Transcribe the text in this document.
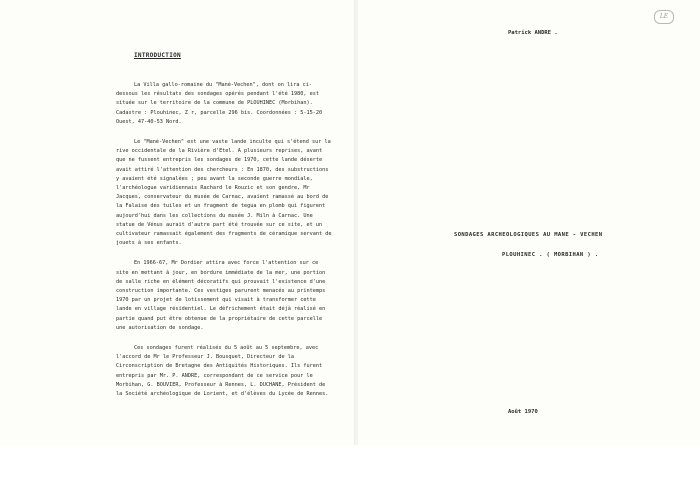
INTRODUCTION

La Villa gallo-romaine du "Mané-Vechen", dont on lira ci-dessous les résultats des sondages opérés pendant l'été 1980, est située sur le territoire de la commune de PLOUHINEC (Morbihan). Cadastre : Plouhinec, Z r, parcelle 296 bis. Coordonnées : 5-15-20 Ouest, 47-40-53 Nord.

Le "Mané-Vechen" est une vaste lande incultе qui s'étend sur la rive occidentale de la Rivière d'Etel. A plusieurs reprises, avant que ne fussent entrepris les sondages de 1970, cette lande déserte avait attiré l'attention des chercheurs : En 1870, des substructions y avaient été signalées ; peu avant la seconde guerre mondiale, l'archéologue varidiennais Rachard le Rouzic et son gendre, Mr Jacques, conservateur du musée de Carnac, avaient ramassé au bord de la Falaise des tuiles et un fragment de tegua en plomb qui figurent aujourd'hui dans les collections du musée J. Miln à Carnac. Une statue de Vénus aurait d'autre part été trouvée sur ce site, et un cultivateur ramassait également des fragments de céramique servant de jouets à ses enfants.

En 1966-67, Mr Dordier attira avec force l'attention sur ce site en mettant à jour, en bordure immédiate de la mer, une portion de salle riche en élément décoratifs qui prouvait l'existence d'une construction importante. Ces vestiges parurent menacés au printemps 1970 par un projet de lotissement qui visait à transformer cette lande en village résidentiel. Le défrichement était déjà réalisé en partie quand put être obtenue de la propriétaire de cette parcelle une autorisation de sondage.

Ces sondages furent réalisés du 5 août au 5 septembre, avec l'accord de Mr le Professeur J. Bousquet, Directeur de la Circonscription de Bretagne des Antiquités Historiques. Ils furent entrepris par Mr. P. ANDRE, correspondant de ce service pour le Morbihan, G. BOUVIER, Professeur à Rennes, L. DUCHANE, Président de la Société archéologique de Lorient, et d'élèves du Lycée de Rennes.

Patrick ANDRE .
LE
SONDAGES ARCHEOLOGIQUES AU MANE - VECHEN
PLOUHINEC . ( MORBIHAN ) .
Août 1970
